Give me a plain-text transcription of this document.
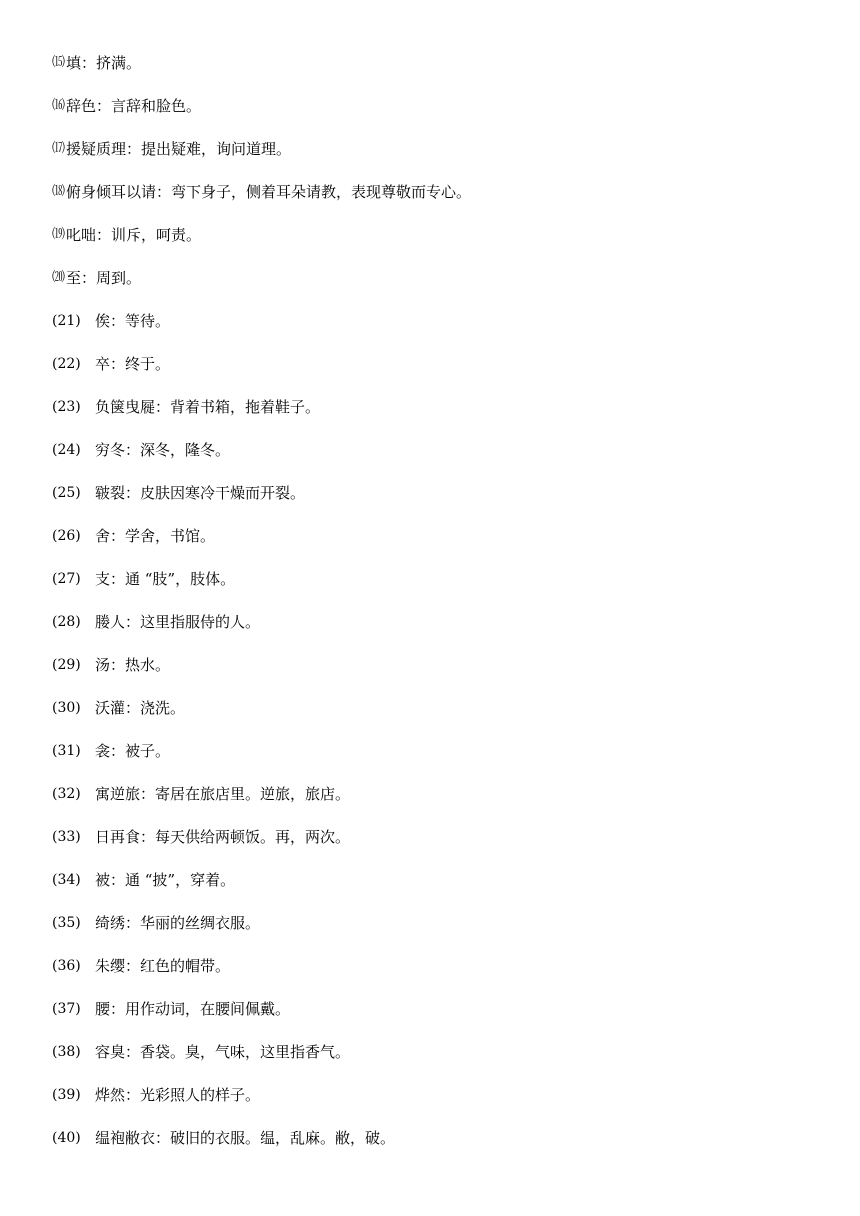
⒂ 填：挤满。
⒃ 辞色：言辞和脸色。
⒄ 援疑质理：提出疑难，询问道理。
⒅ 俯身倾耳以请：弯下身子，侧着耳朵请教，表现尊敬而专心。
⒆ 叱咄：训斥，呵责。
⒇ 至：周到。
(21) 俟：等待。
(22) 卒：终于。
(23) 负箧曳屣：背着书箱，拖着鞋子。
(24) 穷冬：深冬，隆冬。
(25) 皲裂：皮肤因寒冷干燥而开裂。
(26) 舍：学舍，书馆。
(27) 支：通 “肢”，肢体。
(28) 媵人：这里指服侍的人。
(29) 汤：热水。
(30) 沃灌：浇洗。
(31) 衾：被子。
(32) 寓逆旅：寄居在旅店里。逆旅，旅店。
(33) 日再食：每天供给两顿饭。再，两次。
(34) 被：通 “披”，穿着。
(35) 绮绣：华丽的丝绸衣服。
(36) 朱缨：红色的帽带。
(37) 腰：用作动词，在腰间佩戴。
(38) 容臭：香袋。臭，气味，这里指香气。
(39) 烨然：光彩照人的样子。
(40) 缊袍敝衣：破旧的衣服。缊，乱麻。敝，破。
